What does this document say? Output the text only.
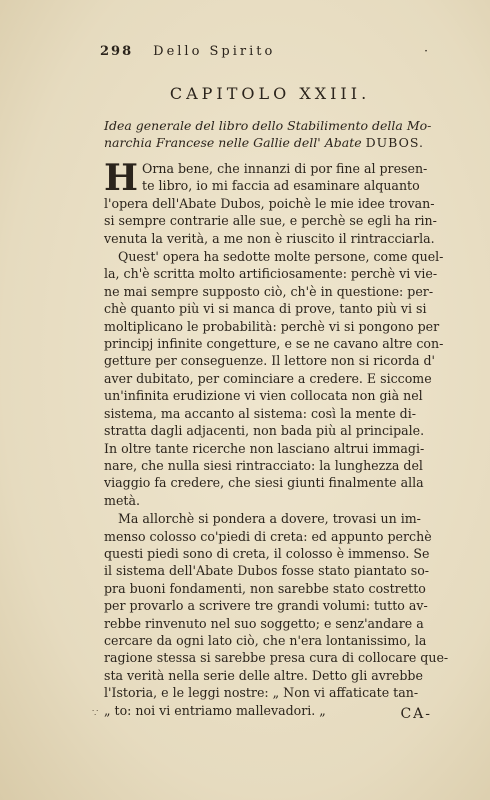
298 Dello Spirito	·
CAPITOLO XXIII.
Idea generale del libro dello Stabilimento della Mo-
narchia Francese nelle Gallie dell' Abate DUBOS.
H Orna bene, che innanzi di por fine al presen-
te libro, io mi faccia ad esaminare alquanto
l'opera dell'Abate Dubos, poichè le mie idee trovan-
si sempre contrarie alle sue, e perchè se egli ha rin-
venuta la verità, a me non è riuscito il rintracciarla.
Quest' opera ha sedotte molte persone, come quel-
la, ch'è scritta molto artificiosamente: perchè vi vie-
ne mai sempre supposto ciò, ch'è in questione: per-
chè quanto più vi si manca di prove, tanto più vi si
moltiplicano le probabilità: perchè vi si pongono per
principj infinite congetture, e se ne cavano altre con-
getture per conseguenze. Il lettore non si ricorda d'
aver dubitato, per cominciare a credere. E siccome
un'infinita erudizione vi vien collocata non già nel
sistema, ma accanto al sistema: così la mente di-
stratta dagli adjacenti, non bada più al principale.
In oltre tante ricerche non lasciano altrui immagi-
nare, che nulla siesi rintracciato: la lunghezza del
viaggio fa credere, che siesi giunti finalmente alla
metà.
Ma allorchè si pondera a dovere, trovasi un im-
menso colosso co'piedi di creta: ed appunto perchè
questi piedi sono di creta, il colosso è immenso. Se
il sistema dell'Abate Dubos fosse stato piantato so-
pra buoni fondamenti, non sarebbe stato costretto
per provarlo a scrivere tre grandi volumi: tutto av-
rebbe rinvenuto nel suo soggetto; e senz'andare a
cercare da ogni lato ciò, che n'era lontanissimo, la
ragione stessa si sarebbe presa cura di collocare que-
sta verità nella serie delle altre. Detto gli avrebbe
l'Istoria, e le leggi nostre: „ Non vi affaticate tan-
„ to: noi vi entriamo mallevadori. „
∵	CA-
